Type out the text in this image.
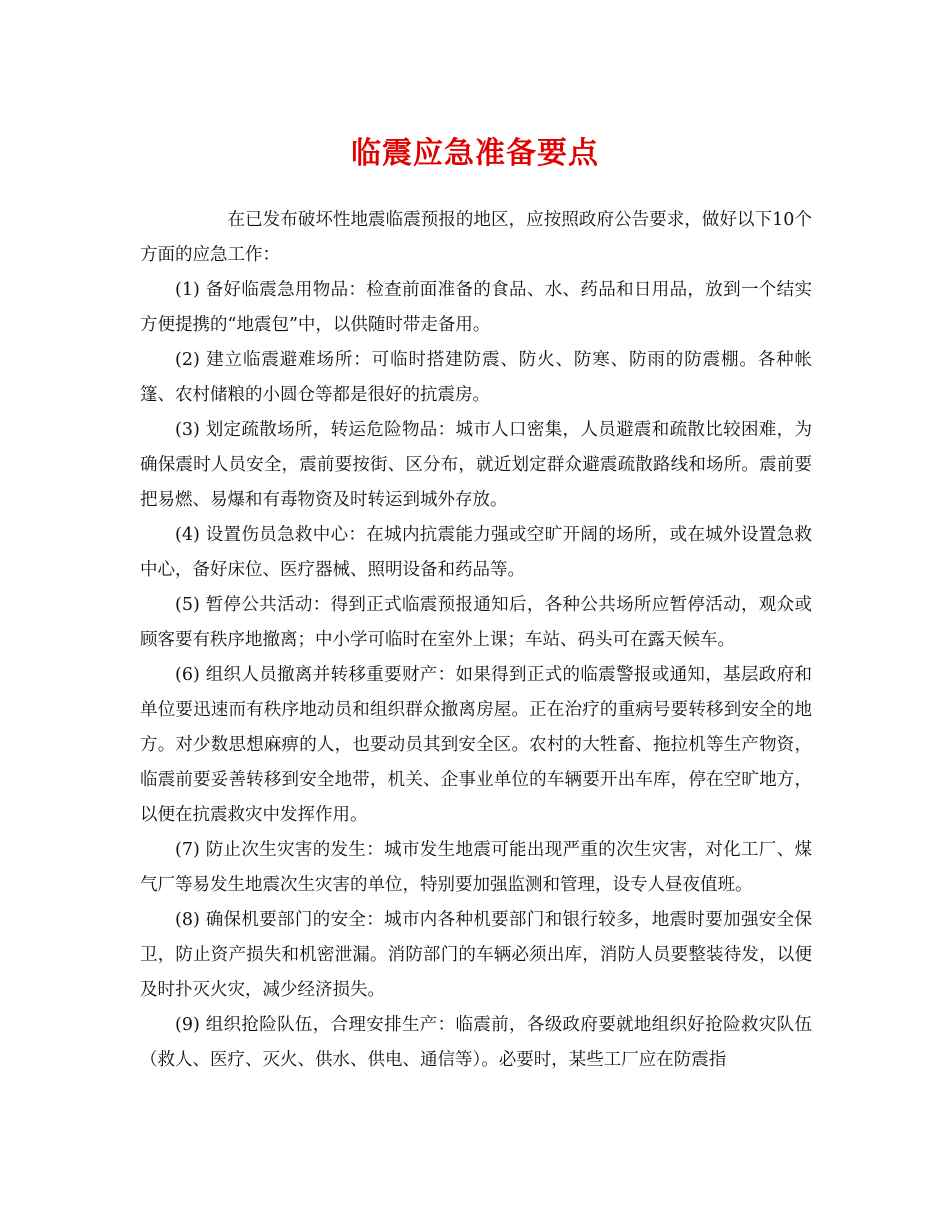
临震应急准备要点

在已发布破坏性地震临震预报的地区，应按照政府公告要求，做好以下10个方面的应急工作：

(1) 备好临震急用物品：检查前面准备的食品、水、药品和日用品，放到一个结实方便提携的“地震包”中，以供随时带走备用。

(2) 建立临震避难场所：可临时搭建防震、防火、防寒、防雨的防震棚。各种帐篷、农村储粮的小圆仓等都是很好的抗震房。

(3) 划定疏散场所，转运危险物品：城市人口密集，人员避震和疏散比较困难，为确保震时人员安全，震前要按街、区分布，就近划定群众避震疏散路线和场所。震前要把易燃、易爆和有毒物资及时转运到城外存放。

(4) 设置伤员急救中心：在城内抗震能力强或空旷开阔的场所，或在城外设置急救中心，备好床位、医疗器械、照明设备和药品等。

(5) 暂停公共活动：得到正式临震预报通知后，各种公共场所应暂停活动，观众或顾客要有秩序地撤离；中小学可临时在室外上课；车站、码头可在露天候车。

(6) 组织人员撤离并转移重要财产：如果得到正式的临震警报或通知，基层政府和单位要迅速而有秩序地动员和组织群众撤离房屋。正在治疗的重病号要转移到安全的地方。对少数思想麻痹的人，也要动员其到安全区。农村的大牲畜、拖拉机等生产物资，临震前要妥善转移到安全地带，机关、企事业单位的车辆要开出车库，停在空旷地方，以便在抗震救灾中发挥作用。

(7) 防止次生灾害的发生：城市发生地震可能出现严重的次生灾害，对化工厂、煤气厂等易发生地震次生灾害的单位，特别要加强监测和管理，设专人昼夜值班。

(8) 确保机要部门的安全：城市内各种机要部门和银行较多，地震时要加强安全保卫，防止资产损失和机密泄漏。消防部门的车辆必须出库，消防人员要整装待发，以便及时扑灭火灾，减少经济损失。

(9) 组织抢险队伍，合理安排生产：临震前，各级政府要就地组织好抢险救灾队伍（救人、医疗、灭火、供水、供电、通信等）。必要时，某些工厂应在防震指
